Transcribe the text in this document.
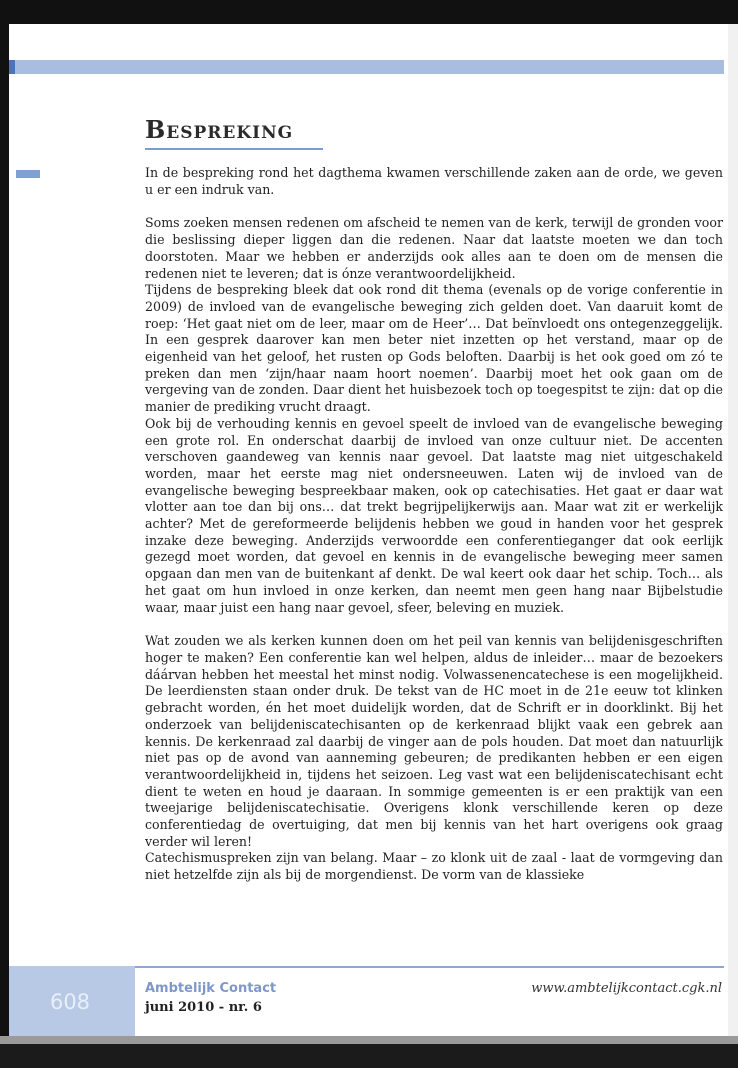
Bespreking

In de bespreking rond het dagthema kwamen verschillende zaken aan de orde, we geven u er een indruk van.

Soms zoeken mensen redenen om afscheid te nemen van de kerk, terwijl de gronden voor die beslissing dieper liggen dan die redenen. Naar dat laatste moeten we dan toch doorstoten. Maar we hebben er anderzijds ook alles aan te doen om de mensen die redenen niet te leveren; dat is ónze verantwoordelijkheid.

Tijdens de bespreking bleek dat ook rond dit thema (evenals op de vorige conferentie in 2009) de invloed van de evangelische beweging zich gelden doet. Van daaruit komt de roep: ‘Het gaat niet om de leer, maar om de Heer’… Dat beïnvloedt ons ontegenzeggelijk. In een gesprek daarover kan men beter niet inzetten op het verstand, maar op de eigenheid van het geloof, het rusten op Gods beloften. Daarbij is het ook goed om zó te preken dan men ‘zijn/haar naam hoort noemen’. Daarbij moet het ook gaan om de vergeving van de zonden. Daar dient het huisbezoek toch op toegespitst te zijn: dat op die manier de prediking vrucht draagt.

Ook bij de verhouding kennis en gevoel speelt de invloed van de evangelische beweging een grote rol. En onderschat daarbij de invloed van onze cultuur niet. De accenten verschoven gaandeweg van kennis naar gevoel. Dat laatste mag niet uitgeschakeld worden, maar het eerste mag niet ondersneeuwen. Laten wij de invloed van de evangelische beweging bespreekbaar maken, ook op catechisaties. Het gaat er daar wat vlotter aan toe dan bij ons… dat trekt begrijpelijkerwijs aan. Maar wat zit er werkelijk achter? Met de gereformeerde belijdenis hebben we goud in handen voor het gesprek inzake deze beweging. Anderzijds verwoordde een conferentieganger dat ook eerlijk gezegd moet worden, dat gevoel en kennis in de evangelische beweging meer samen opgaan dan men van de buitenkant af denkt. De wal keert ook daar het schip. Toch… als het gaat om hun invloed in onze kerken, dan neemt men geen hang naar Bijbelstudie waar, maar juist een hang naar gevoel, sfeer, beleving en muziek.

Wat zouden we als kerken kunnen doen om het peil van kennis van belijdenisgeschriften hoger te maken? Een conferentie kan wel helpen, aldus de inleider… maar de bezoekers dáárvan hebben het meestal het minst nodig. Volwassenencatechese is een mogelijkheid. De leerdiensten staan onder druk. De tekst van de HC moet in de 21e eeuw tot klinken gebracht worden, én het moet duidelijk worden, dat de Schrift er in doorklinkt. Bij het onderzoek van belijdeniscatechisanten op de kerkenraad blijkt vaak een gebrek aan kennis. De kerkenraad zal daarbij de vinger aan de pols houden. Dat moet dan natuurlijk niet pas op de avond van aanneming gebeuren; de predikanten hebben er een eigen verantwoordelijkheid in, tijdens het seizoen. Leg vast wat een belijdeniscatechisant echt dient te weten en houd je daaraan. In sommige gemeenten is er een praktijk van een tweejarige belijdeniscatechisatie. Overigens klonk verschillende keren op deze conferentiedag de overtuiging, dat men bij kennis van het hart overigens ook graag verder wil leren!

Catechismuspreken zijn van belang. Maar – zo klonk uit de zaal - laat de vormgeving dan niet hetzelfde zijn als bij de morgendienst. De vorm van de klassieke

608
Ambtelijk Contact
juni 2010 - nr. 6
www.ambtelijkcontact.cgk.nl
